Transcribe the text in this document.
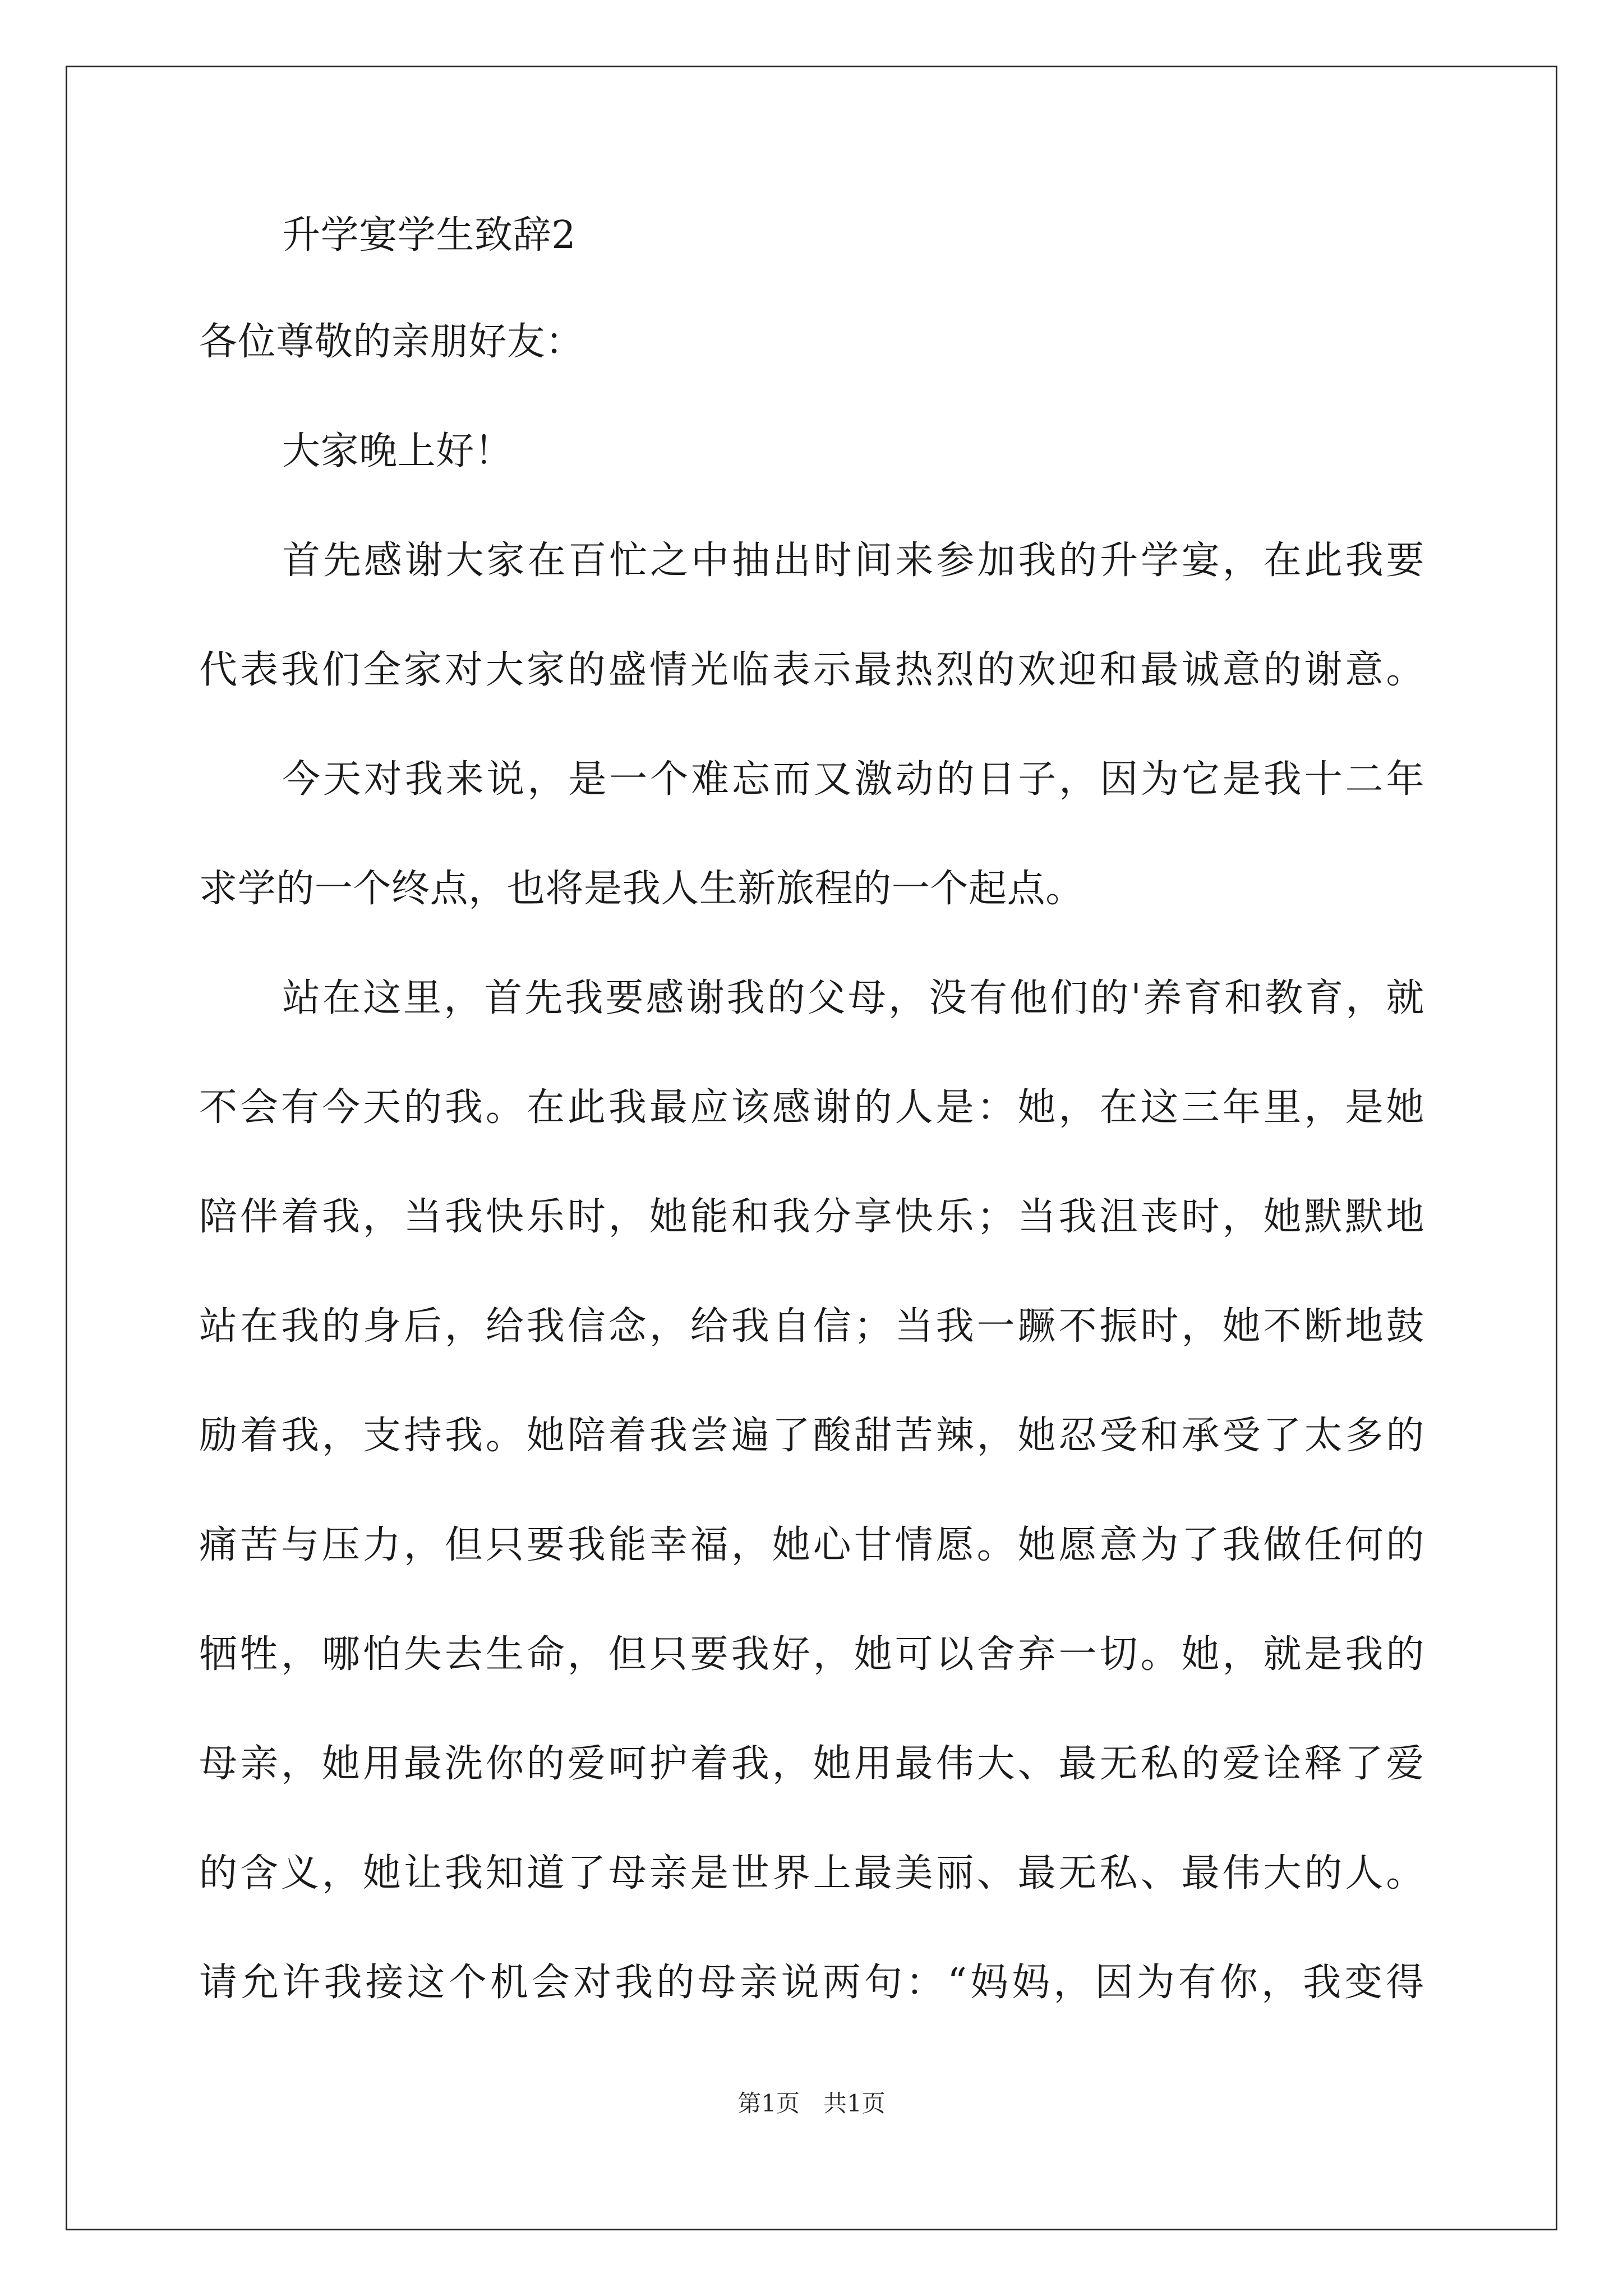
升学宴学生致辞2
各位尊敬的亲朋好友：
大家晚上好！
首先感谢大家在百忙之中抽出时间来参加我的升学宴，在此我要
代表我们全家对大家的盛情光临表示最热烈的欢迎和最诚意的谢意。
今天对我来说，是一个难忘而又激动的日子，因为它是我十二年
求学的一个终点，也将是我人生新旅程的一个起点。
站在这里，首先我要感谢我的父母，没有他们的'养育和教育，就
不会有今天的我。在此我最应该感谢的人是：她，在这三年里，是她
陪伴着我，当我快乐时，她能和我分享快乐；当我沮丧时，她默默地
站在我的身后，给我信念，给我自信；当我一蹶不振时，她不断地鼓
励着我，支持我。她陪着我尝遍了酸甜苦辣，她忍受和承受了太多的
痛苦与压力，但只要我能幸福，她心甘情愿。她愿意为了我做任何的
牺牲，哪怕失去生命，但只要我好，她可以舍弃一切。她，就是我的
母亲，她用最洗你的爱呵护着我，她用最伟大、最无私的爱诠释了爱
的含义，她让我知道了母亲是世界上最美丽、最无私、最伟大的人。
请允许我接这个机会对我的母亲说两句：“妈妈，因为有你，我变得
第1页　共1页
